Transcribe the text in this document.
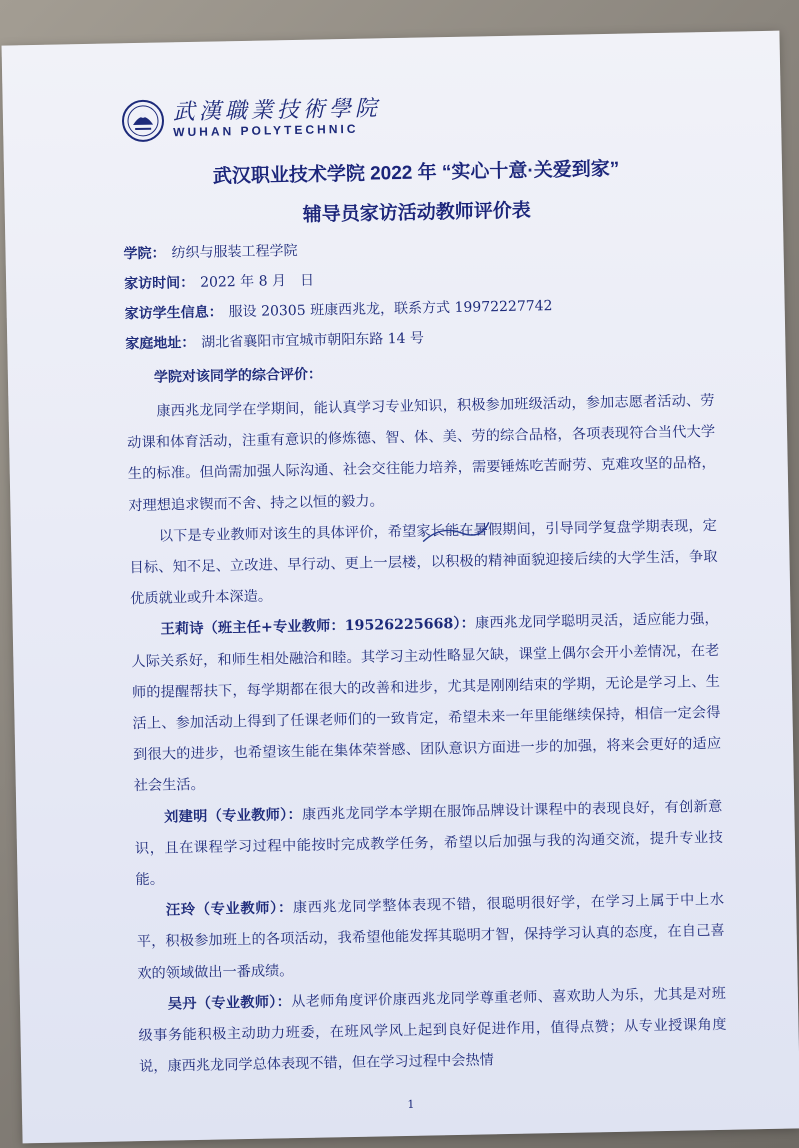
武漢職業技術學院
WUHAN POLYTECHNIC
武汉职业技术学院 2022 年 “实心十意·关爱到家”
辅导员家访活动教师评价表
学院： 纺织与服装工程学院
家访时间： 2022 年 8 月　日
家访学生信息： 服设 20305 班康西兆龙，联系方式 19972227742
家庭地址： 湖北省襄阳市宜城市朝阳东路 14 号
学院对该同学的综合评价：

康西兆龙同学在学期间，能认真学习专业知识，积极参加班级活动，参加志愿者活动、劳动课和体育活动，注重有意识的修炼德、智、体、美、劳的综合品格，各项表现符合当代大学生的标准。但尚需加强人际沟通、社会交往能力培养，需要锤炼吃苦耐劳、克难攻坚的品格，对理想追求锲而不舍、持之以恒的毅力。

以下是专业教师对该生的具体评价，希望家长能在暑假期间，引导同学复盘学期表现，定目标、知不足、立改进、早行动、更上一层楼，以积极的精神面貌迎接后续的大学生活，争取优质就业或升本深造。

王莉诗（班主任+专业教师：19526225668）：康西兆龙同学聪明灵活，适应能力强，人际关系好，和师生相处融洽和睦。其学习主动性略显欠缺，课堂上偶尔会开小差情况，在老师的提醒帮扶下，每学期都在很大的改善和进步，尤其是刚刚结束的学期，无论是学习上、生活上、参加活动上得到了任课老师们的一致肯定，希望未来一年里能继续保持，相信一定会得到很大的进步，也希望该生能在集体荣誉感、团队意识方面进一步的加强，将来会更好的适应社会生活。

刘建明（专业教师）：康西兆龙同学本学期在服饰品牌设计课程中的表现良好，有创新意识，且在课程学习过程中能按时完成教学任务，希望以后加强与我的沟通交流，提升专业技能。

汪玲（专业教师）：康西兆龙同学整体表现不错，很聪明很好学，在学习上属于中上水平，积极参加班上的各项活动，我希望他能发挥其聪明才智，保持学习认真的态度，在自己喜欢的领域做出一番成绩。

吴丹（专业教师）：从老师角度评价康西兆龙同学尊重老师、喜欢助人为乐，尤其是对班级事务能积极主动助力班委，在班风学风上起到良好促进作用，值得点赞；从专业授课角度说，康西兆龙同学总体表现不错，但在学习过程中会热情

1
